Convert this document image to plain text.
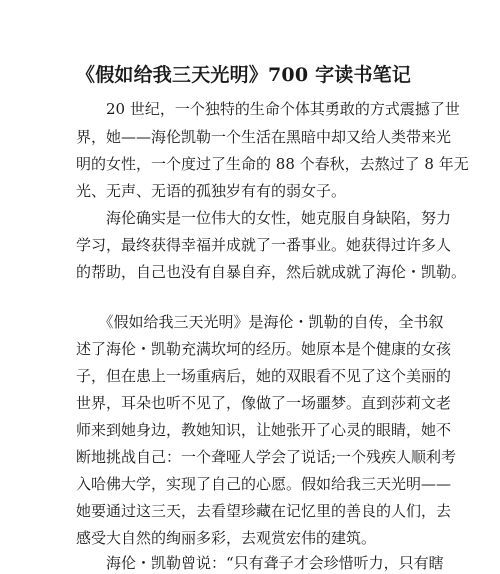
《假如给我三天光明》700 字读书笔记
　　20 世纪，一个独特的生命个体其勇敢的方式震撼了世
界，她——海伦凯勒一个生活在黑暗中却又给人类带来光
明的女性，一个度过了生命的 88 个春秋，去熬过了 8 年无
光、无声、无语的孤独岁有有的弱女子。
　　海伦确实是一位伟大的女性，她克服自身缺陷，努力
学习，最终获得幸福并成就了一番事业。她获得过许多人
的帮助，自己也没有自暴自弃，然后就成就了海伦・凯勒。
　　《假如给我三天光明》是海伦・凯勒的自传，全书叙
述了海伦・凯勒充满坎坷的经历。她原本是个健康的女孩
子，但在患上一场重病后，她的双眼看不见了这个美丽的
世界，耳朵也听不见了，像做了一场噩梦。直到莎莉文老
师来到她身边，教她知识，让她张开了心灵的眼睛，她不
断地挑战自己：一个聋哑人学会了说话;一个残疾人顺利考
入哈佛大学，实现了自己的心愿。假如给我三天光明——
她要通过这三天，去看望珍藏在记忆里的善良的人们，去
感受大自然的绚丽多彩，去观赏宏伟的建筑。
　　海伦・凯勒曾说：“只有聋子才会珍惜听力，只有瞎
